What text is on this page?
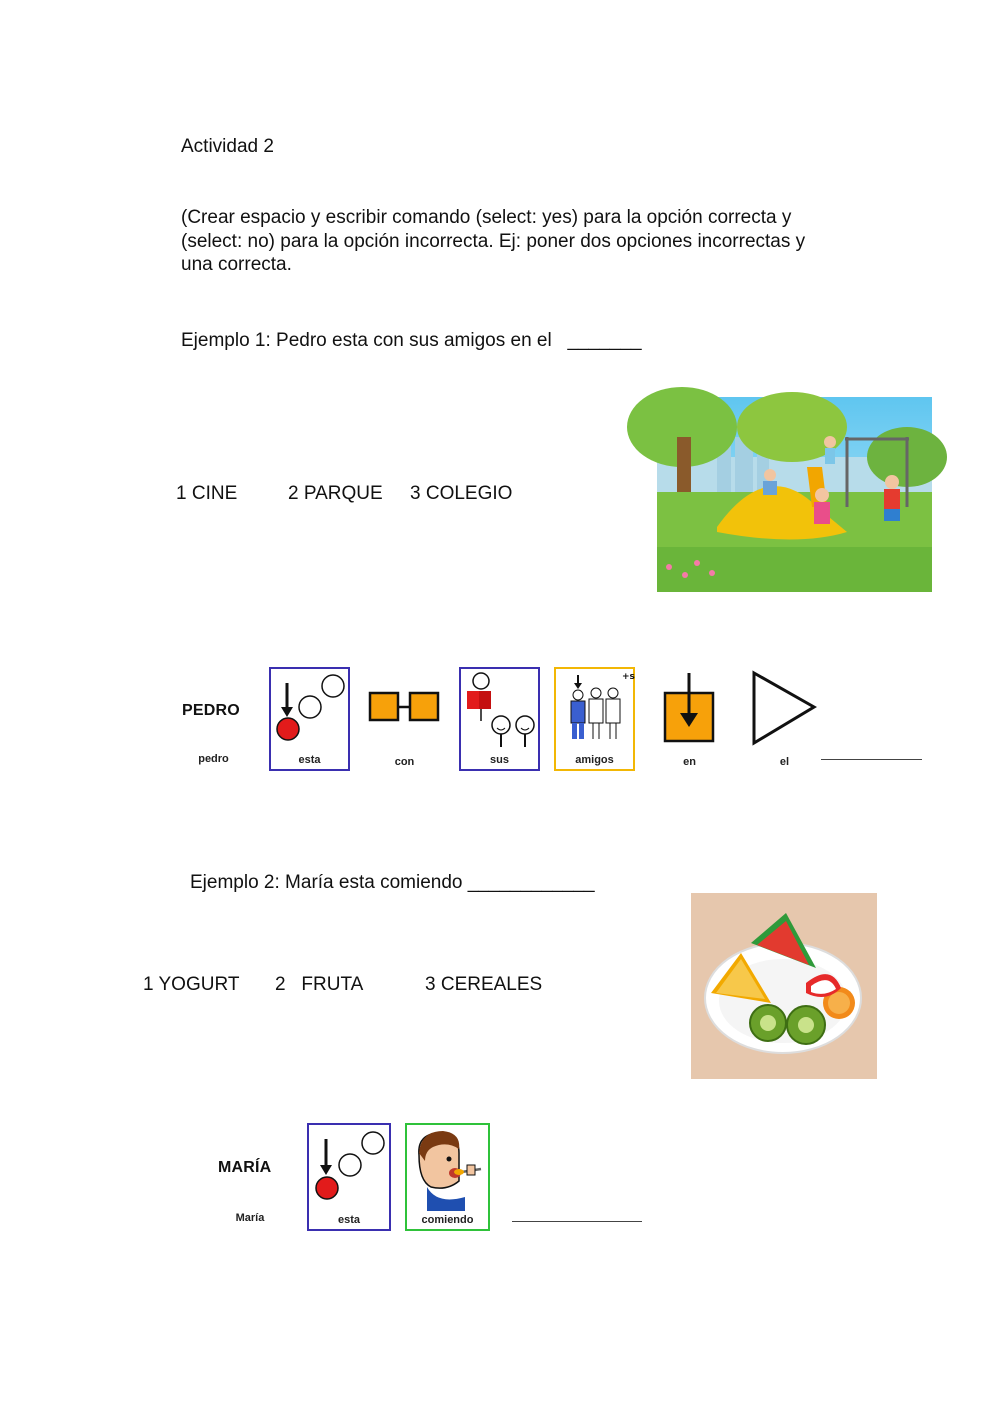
Actividad 2
(Crear espacio y escribir comando (select: yes) para la opción correcta y (select: no) para la opción incorrecta. Ej: poner dos opciones incorrectas y una correcta.
Ejemplo 1: Pedro esta con sus amigos en el   _______
1 CINE	2 PARQUE 3 COLEGIO
PEDRO
pedro	esta	con	sus
+s
amigos	en	el
Ejemplo 2: María esta comiendo ____________
1 YOGURT 2   FRUTA	3 CEREALES
MARÍA
María	esta	comiendo
